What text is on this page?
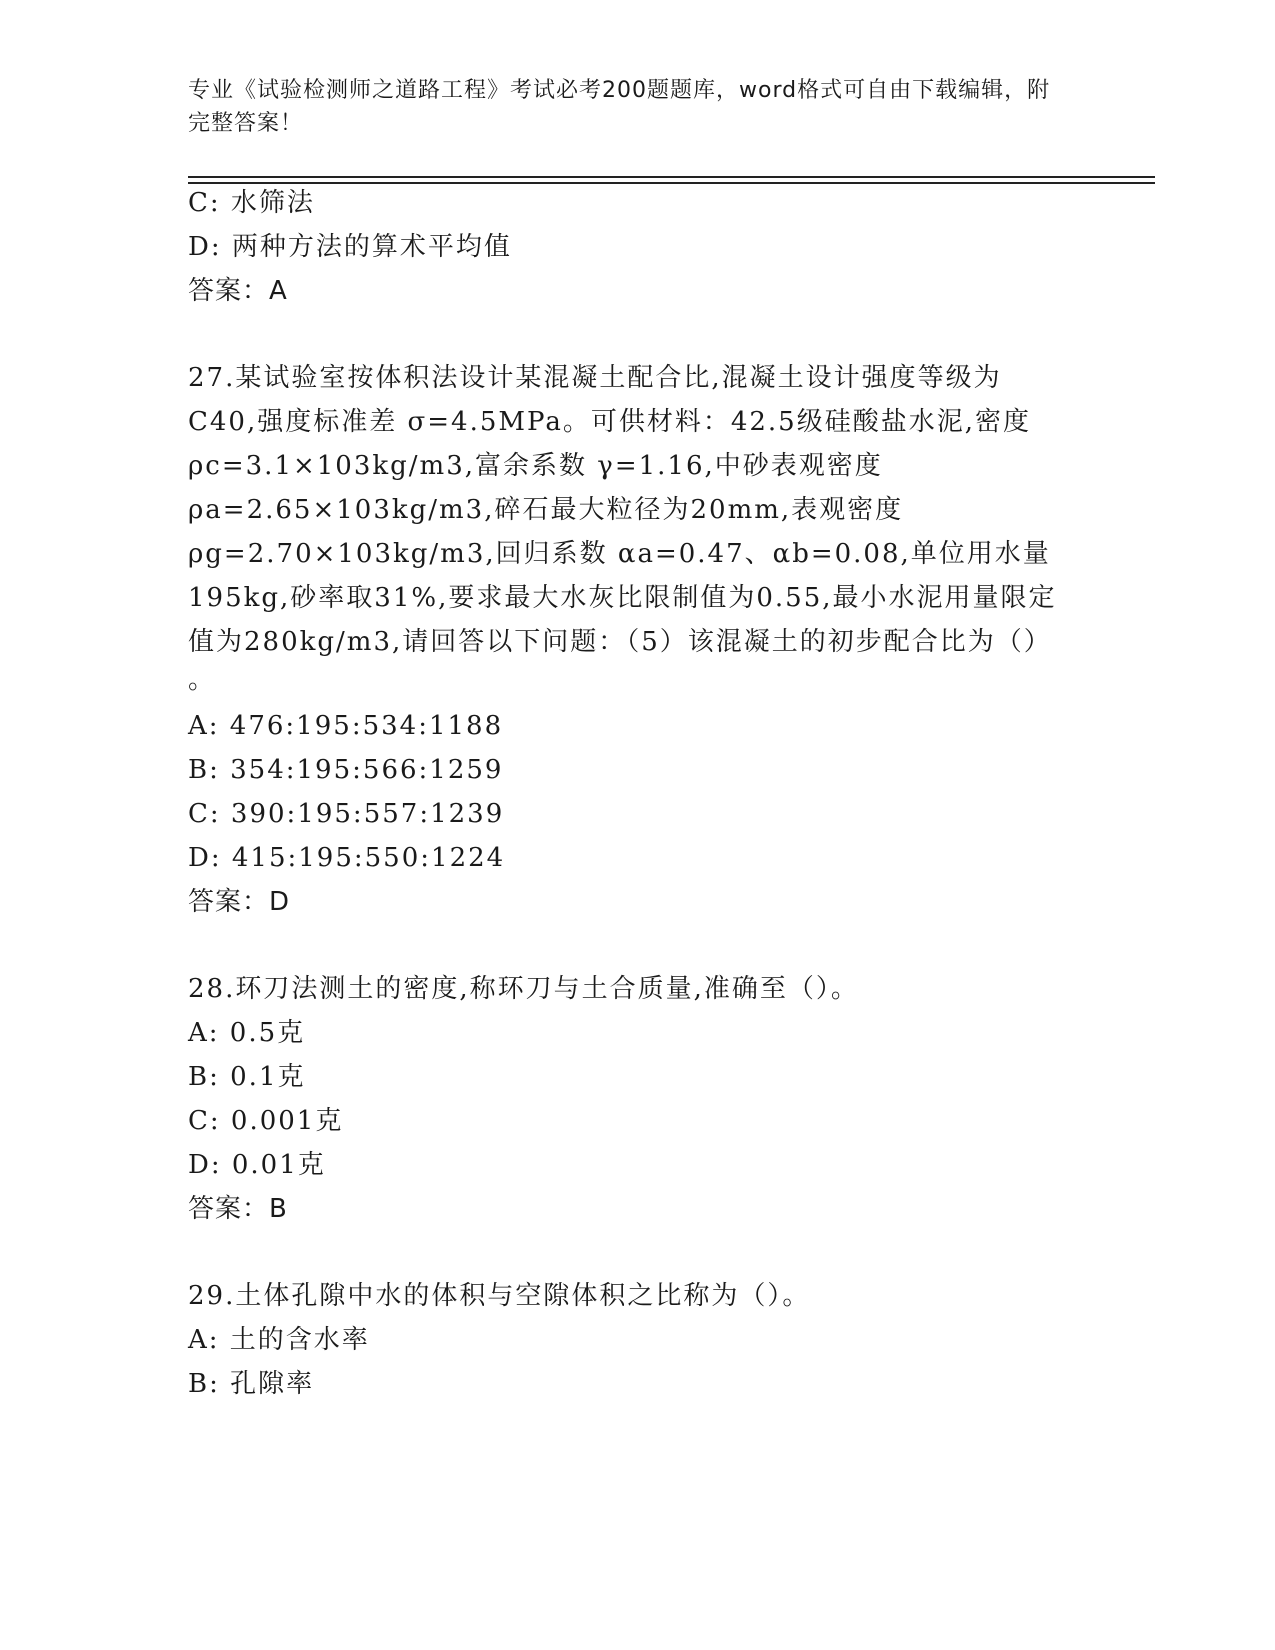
专业《试验检测师之道路工程》考试必考200题题库，word格式可自由下载编辑，附完整答案！
C: 水筛法
D: 两种方法的算术平均值
答案：A
27.某试验室按体积法设计某混凝土配合比,混凝土设计强度等级为
C40,强度标准差 σ=4.5MPa。可供材料：42.5级硅酸盐水泥,密度
ρc=3.1×103kg/m3,富余系数 γ=1.16,中砂表观密度
ρa=2.65×103kg/m3,碎石最大粒径为20mm,表观密度
ρg=2.70×103kg/m3,回归系数 αa=0.47、αb=0.08,单位用水量
195kg,砂率取31%,要求最大水灰比限制值为0.55,最小水泥用量限定
值为280kg/m3,请回答以下问题：（5）该混凝土的初步配合比为（）
。
A: 476:195:534:1188
B: 354:195:566:1259
C: 390:195:557:1239
D: 415:195:550:1224
答案：D
28.环刀法测土的密度,称环刀与土合质量,准确至（）。
A: 0.5克
B: 0.1克
C: 0.001克
D: 0.01克
答案：B
29.土体孔隙中水的体积与空隙体积之比称为（）。
A: 土的含水率
B: 孔隙率
